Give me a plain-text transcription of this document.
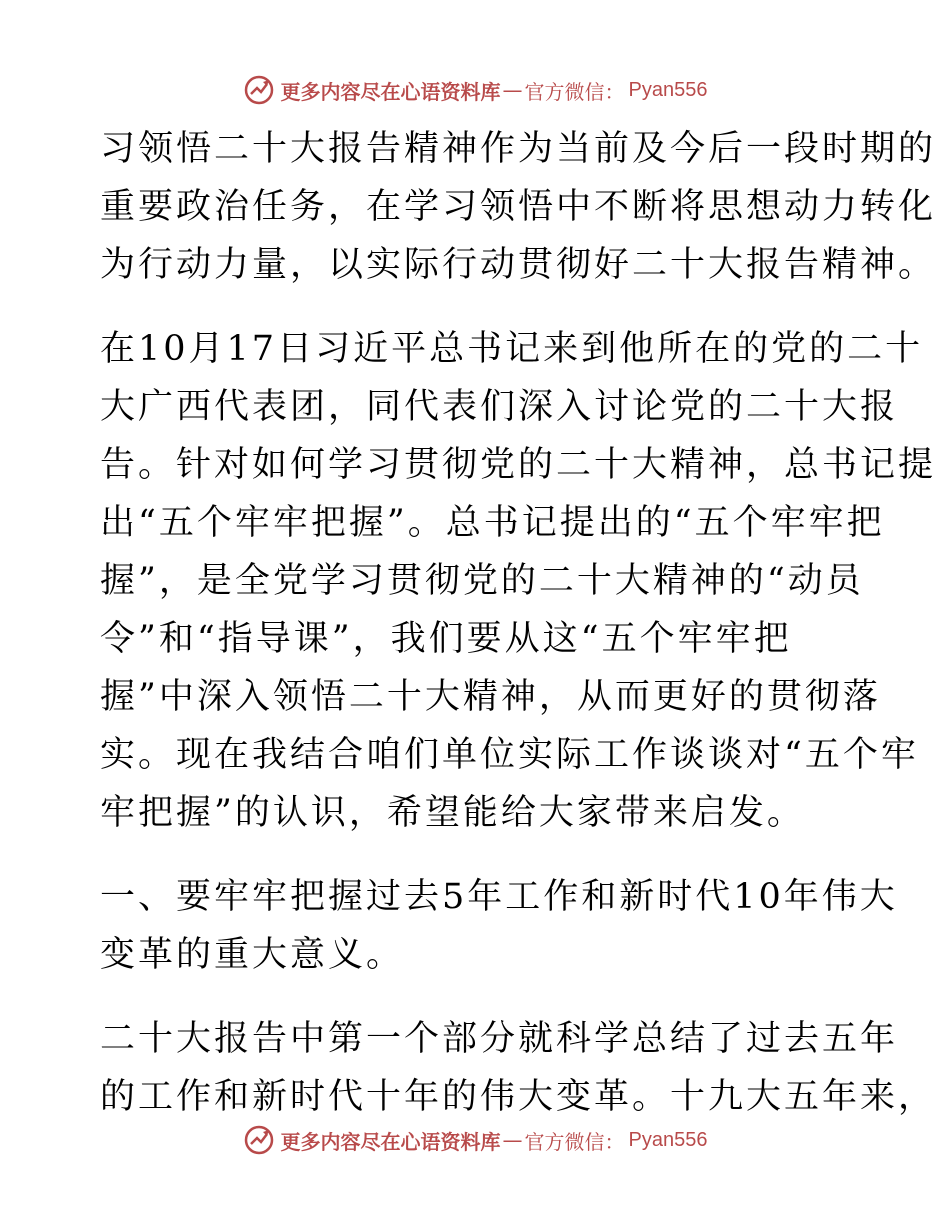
更多内容尽在心语资料库 — 官方微信： Pyan556
习领悟二十大报告精神作为当前及今后一段时期的
重要政治任务，在学习领悟中不断将思想动力转化
为行动力量，以实际行动贯彻好二十大报告精神。
在10月17日习近平总书记来到他所在的党的二十
大广西代表团，同代表们深入讨论党的二十大报
告。针对如何学习贯彻党的二十大精神，总书记提
出“五个牢牢把握”。总书记提出的“五个牢牢把
握”，是全党学习贯彻党的二十大精神的“动员
令”和“指导课”，我们要从这“五个牢牢把
握”中深入领悟二十大精神，从而更好的贯彻落
实。现在我结合咱们单位实际工作谈谈对“五个牢
牢把握”的认识，希望能给大家带来启发。
一、要牢牢把握过去5年工作和新时代10年伟大
变革的重大意义。
二十大报告中第一个部分就科学总结了过去五年
的工作和新时代十年的伟大变革。十九大五年来，
更多内容尽在心语资料库 — 官方微信： Pyan556
